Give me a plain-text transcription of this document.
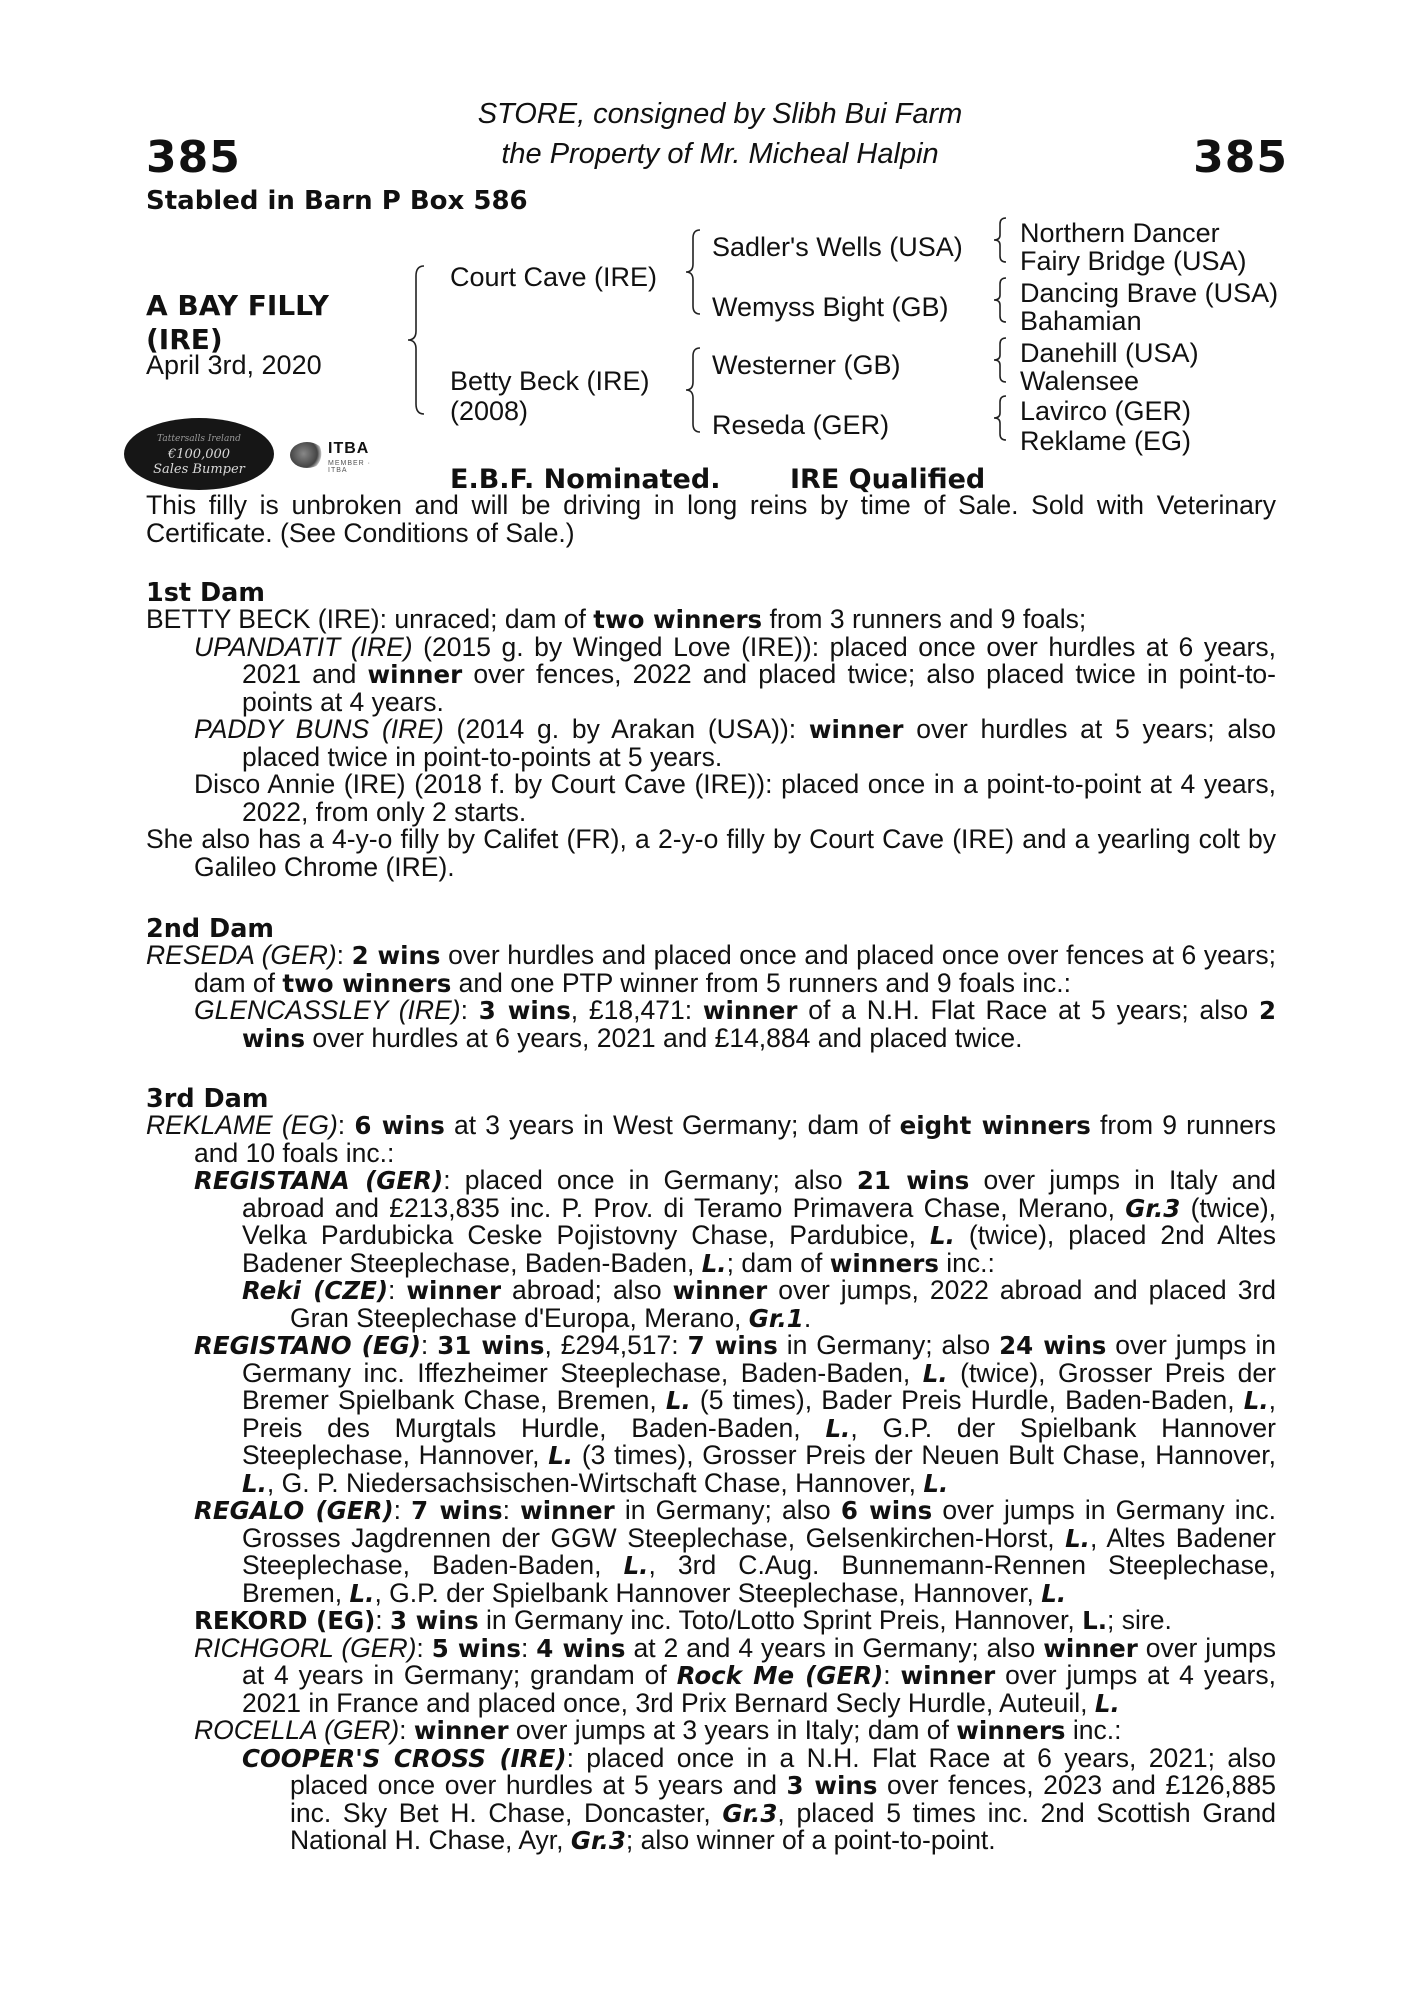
385	385
STORE, consigned by Slibh Bui Farm
the Property of Mr. Micheal Halpin
Stabled in Barn P Box 586
A BAY FILLY
(IRE)
April 3rd, 2020
Court Cave (IRE)
Betty Beck (IRE)
(2008)
Sadler's Wells (USA)
Wemyss Bight (GB)
Westerner (GB)
Reseda (GER)
Northern Dancer
Fairy Bridge (USA)
Dancing Brave (USA)
Bahamian
Danehill (USA)
Walensee
Lavirco (GER)
Reklame (EG)
Tattersalls Ireland
€100,000
Sales Bumper
ITBA
MEMBER · ITBA	E.B.F. Nominated.	IRE Qualified
This filly is unbroken and will be driving in long reins by time of Sale. Sold with Veterinary Certificate. (See Conditions of Sale.)
1st Dam
BETTY BECK (IRE): unraced; dam of two winners from 3 runners and 9 foals;
UPANDATIT (IRE) (2015 g. by Winged Love (IRE)): placed once over hurdles at 6 years, 2021 and winner over fences, 2022 and placed twice; also placed twice in point-to-points at 4 years.
PADDY BUNS (IRE) (2014 g. by Arakan (USA)): winner over hurdles at 5 years; also placed twice in point-to-points at 5 years.
Disco Annie (IRE) (2018 f. by Court Cave (IRE)): placed once in a point-to-point at 4 years, 2022, from only 2 starts.
She also has a 4-y-o filly by Califet (FR), a 2-y-o filly by Court Cave (IRE) and a yearling colt by Galileo Chrome (IRE).
2nd Dam
RESEDA (GER): 2 wins over hurdles and placed once and placed once over fences at 6 years; dam of two winners and one PTP winner from 5 runners and 9 foals inc.:
GLENCASSLEY (IRE): 3 wins, £18,471: winner of a N.H. Flat Race at 5 years; also 2 wins over hurdles at 6 years, 2021 and £14,884 and placed twice.
3rd Dam
REKLAME (EG): 6 wins at 3 years in West Germany; dam of eight winners from 9 runners and 10 foals inc.:
REGISTANA (GER): placed once in Germany; also 21 wins over jumps in Italy and abroad and £213,835 inc. P. Prov. di Teramo Primavera Chase, Merano, Gr.3 (twice), Velka Pardubicka Ceske Pojistovny Chase, Pardubice, L. (twice), placed 2nd Altes Badener Steeplechase, Baden-Baden, L.; dam of winners inc.:
Reki (CZE): winner abroad; also winner over jumps, 2022 abroad and placed 3rd Gran Steeplechase d'Europa, Merano, Gr.1.
REGISTANO (EG): 31 wins, £294,517: 7 wins in Germany; also 24 wins over jumps in Germany inc. Iffezheimer Steeplechase, Baden-Baden, L. (twice), Grosser Preis der Bremer Spielbank Chase, Bremen, L. (5 times), Bader Preis Hurdle, Baden-Baden, L., Preis des Murgtals Hurdle, Baden-Baden, L., G.P. der Spielbank Hannover Steeplechase, Hannover, L. (3 times), Grosser Preis der Neuen Bult Chase, Hannover, L., G. P. Niedersachsischen-Wirtschaft Chase, Hannover, L.
REGALO (GER): 7 wins: winner in Germany; also 6 wins over jumps in Germany inc. Grosses Jagdrennen der GGW Steeplechase, Gelsenkirchen-Horst, L., Altes Badener Steeplechase, Baden-Baden, L., 3rd C.Aug. Bunnemann-Rennen Steeplechase, Bremen, L., G.P. der Spielbank Hannover Steeplechase, Hannover, L.
REKORD (EG): 3 wins in Germany inc. Toto/Lotto Sprint Preis, Hannover, L.; sire.
RICHGORL (GER): 5 wins: 4 wins at 2 and 4 years in Germany; also winner over jumps at 4 years in Germany; grandam of Rock Me (GER): winner over jumps at 4 years, 2021 in France and placed once, 3rd Prix Bernard Secly Hurdle, Auteuil, L.
ROCELLA (GER): winner over jumps at 3 years in Italy; dam of winners inc.:
COOPER'S CROSS (IRE): placed once in a N.H. Flat Race at 6 years, 2021; also placed once over hurdles at 5 years and 3 wins over fences, 2023 and £126,885 inc. Sky Bet H. Chase, Doncaster, Gr.3, placed 5 times inc. 2nd Scottish Grand National H. Chase, Ayr, Gr.3; also winner of a point-to-point.
